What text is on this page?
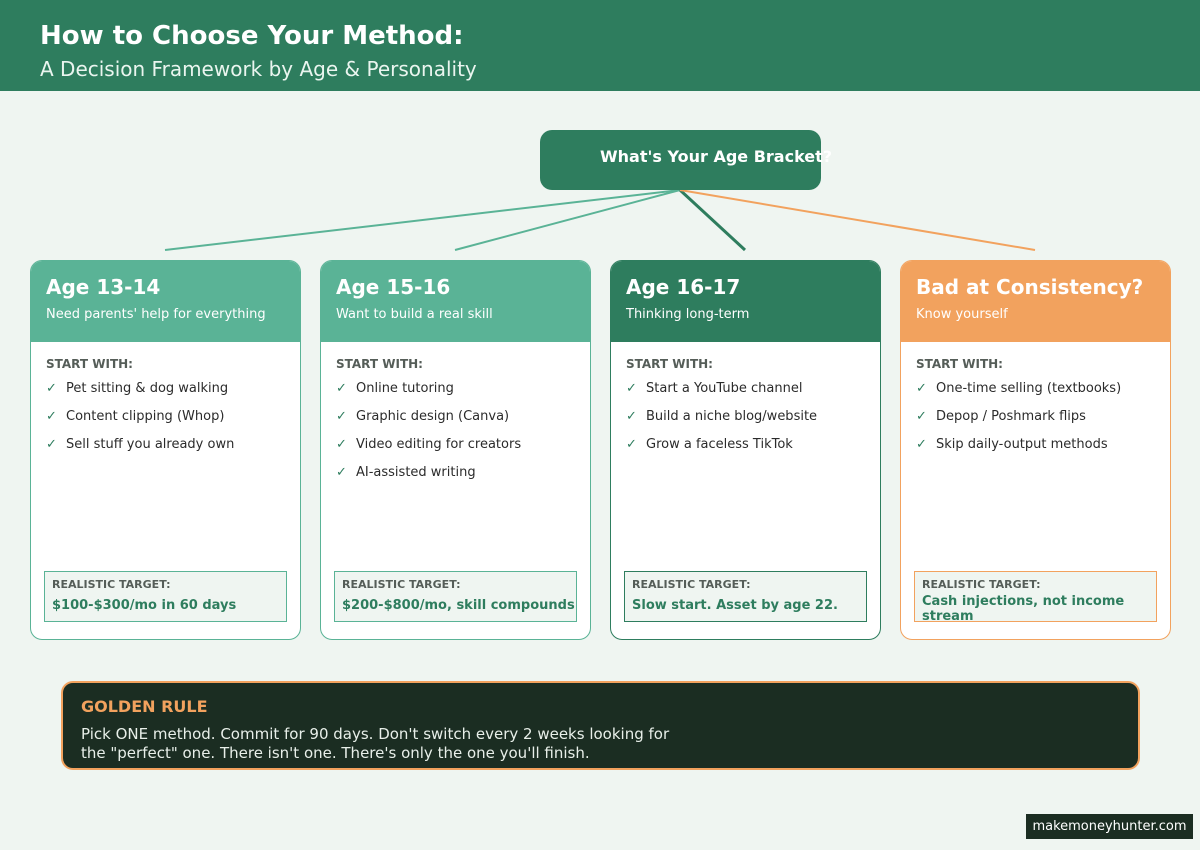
How to Choose Your Method:
A Decision Framework by Age & Personality
What's Your Age Bracket?
Age 13-14
Need parents' help for everything
START WITH:
✓ Pet sitting & dog walking
✓ Content clipping (Whop)
✓ Sell stuff you already own
REALISTIC TARGET:
$100-$300/mo in 60 days
Age 15-16
Want to build a real skill
START WITH:
✓ Online tutoring
✓ Graphic design (Canva)
✓ Video editing for creators
✓ AI-assisted writing
REALISTIC TARGET:
$200-$800/mo, skill compounds
Age 16-17
Thinking long-term
START WITH:
✓ Start a YouTube channel
✓ Build a niche blog/website
✓ Grow a faceless TikTok
REALISTIC TARGET:
Slow start. Asset by age 22.
Bad at Consistency?
Know yourself
START WITH:
✓ One-time selling (textbooks)
✓ Depop / Poshmark flips
✓ Skip daily-output methods
REALISTIC TARGET:
Cash injections, not income stream
GOLDEN RULE
Pick ONE method. Commit for 90 days. Don't switch every 2 weeks looking for the "perfect" one. There isn't one. There's only the one you'll finish.
makemoneyhunter.com
